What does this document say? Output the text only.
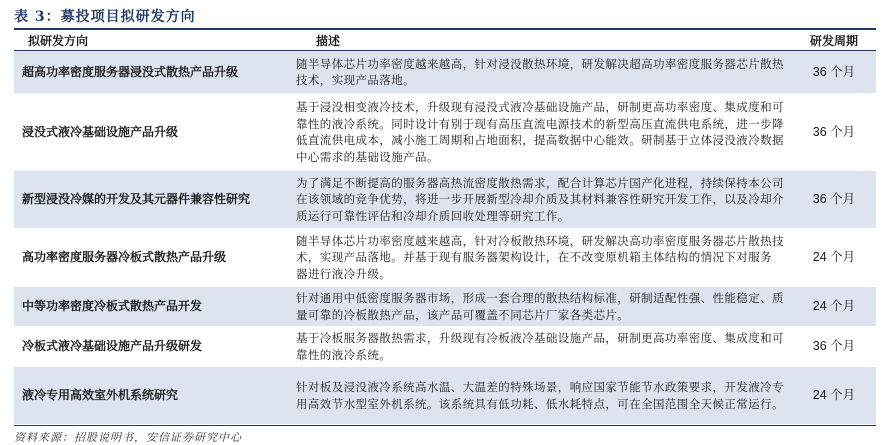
表 3：募投项目拟研发方向
拟研发方向	描述	研发周期
超高功率密度服务器浸没式散热产品升级	随半导体芯片功率密度越来越高，针对浸没散热环境，研发解决超高功率密度服务器芯片散热技术，实现产品落地。	36 个月
浸没式液冷基础设施产品升级	基于浸没相变液冷技术，升级现有浸没式液冷基础设施产品，研制更高功率密度、集成度和可靠性的液冷系统。同时设计有别于现有高压直流电源技术的新型高压直流供电系统，进一步降低直流供电成本，减小施工周期和占地面积，提高数据中心能效。研制基于立体浸没液冷数据中心需求的基础设施产品。	36 个月
新型浸没冷媒的开发及其元器件兼容性研究	为了满足不断提高的服务器高热流密度散热需求，配合计算芯片国产化进程，持续保持本公司在该领域的竞争优势，将进一步开展新型冷却介质及其材料兼容性研究开发工作，以及冷却介质运行可靠性评估和冷却介质回收处理等研究工作。	36 个月
高功率密度服务器冷板式散热产品升级	随半导体芯片功率密度越来越高，针对冷板散热环境，研发解决高功率密度服务器芯片散热技术，实现产品落地。并基于现有服务器架构设计，在不改变原机箱主体结构的情况下对服务 器进行液冷升级。	24 个月
中等功率密度冷板式散热产品开发	针对通用中低密度服务器市场，形成一套合理的散热结构标准，研制适配性强、性能稳定、质量可靠的冷板散热产品，该产品可覆盖不同芯片厂家各类芯片。	24 个月
冷板式液冷基础设施产品升级研发	基于冷板服务器散热需求，升级现有冷板液冷基础设施产品，研制更高功率密度、集成度和可靠性的液冷系统。	36 个月
液冷专用高效室外机系统研究	针对板及浸没液冷系统高水温、大温差的特殊场景，响应国家节能节水政策要求，开发液冷专用高效节水型室外机系统。该系统具有低功耗、低水耗特点，可在全国范围全天候正常运行。	24 个月
资料来源：招股说明书，安信证券研究中心
